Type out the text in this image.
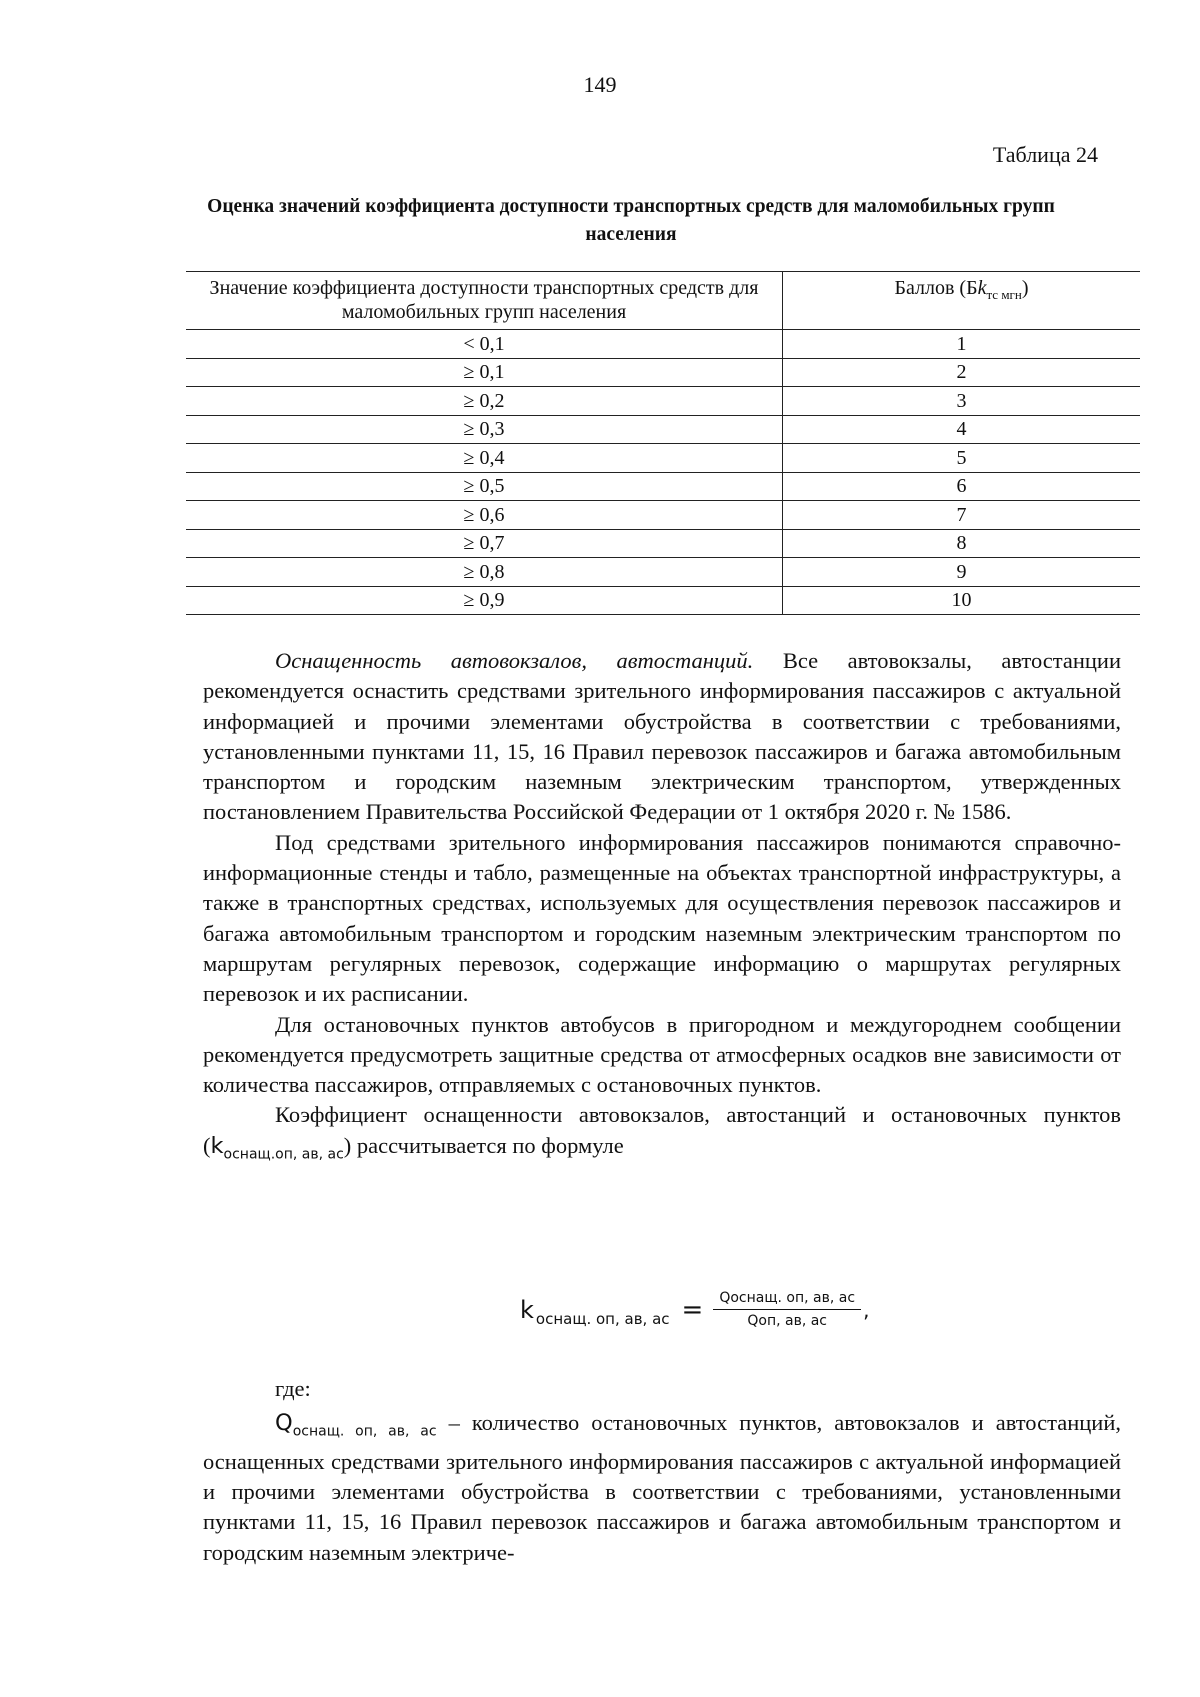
149
Таблица 24
Оценка значений коэффициента доступности транспортных средств для маломобильных групп населения
Значение коэффициента доступности транспортных средств для маломобильных групп населения	Баллов $(Бk_{тс мгн})$
< 0,1	1
≥ 0,1	2
≥ 0,2	3
≥ 0,3	4
≥ 0,4	5
≥ 0,5	6
≥ 0,6	7
≥ 0,7	8
≥ 0,8	9
≥ 0,9	10

Оснащенность автовокзалов, автостанций. Все автовокзалы, автостанции рекомендуется оснастить средствами зрительного информирования пассажиров с актуальной информацией и прочими элементами обустройства в соответствии с требованиями, установленными пунктами 11, 15, 16 Правил перевозок пассажиров и багажа автомобильным транспортом и городским наземным электрическим транспортом, утвержденных постановлением Правительства Российской Федерации от 1 октября 2020 г. № 1586.

Под средствами зрительного информирования пассажиров понимаются справочно-информационные стенды и табло, размещенные на объектах транспортной инфраструктуры, а также в транспортных средствах, используемых для осуществления перевозок пассажиров и багажа автомобильным транспортом и городским наземным электрическим транспортом по маршрутам регулярных перевозок, содержащие информацию о маршрутах регулярных перевозок и их расписании.

Для остановочных пунктов автобусов в пригородном и междугороднем сообщении рекомендуется предусмотреть защитные средства от атмосферных осадков вне зависимости от количества пассажиров, отправляемых с остановочных пунктов.

Коэффициент оснащенности автовокзалов, автостанций и остановочных пунктов $(k_{оснащ.оп, ав, ас})$ рассчитывается по формуле

k оснащ. оп, ав, ас = $\frac{\text{Qоснащ. оп, ав, ас}}{\text{Qоп, ав, ас}}$ ,
где:

$Q_{оснащ. оп, ав, ас}$ – количество остановочных пунктов, автовокзалов и автостанций, оснащенных средствами зрительного информирования пассажиров с актуальной информацией и прочими элементами обустройства в соответствии с требованиями, установленными пунктами 11, 15, 16 Правил перевозок пассажиров и багажа автомобильным транспортом и городским наземным электриче-
